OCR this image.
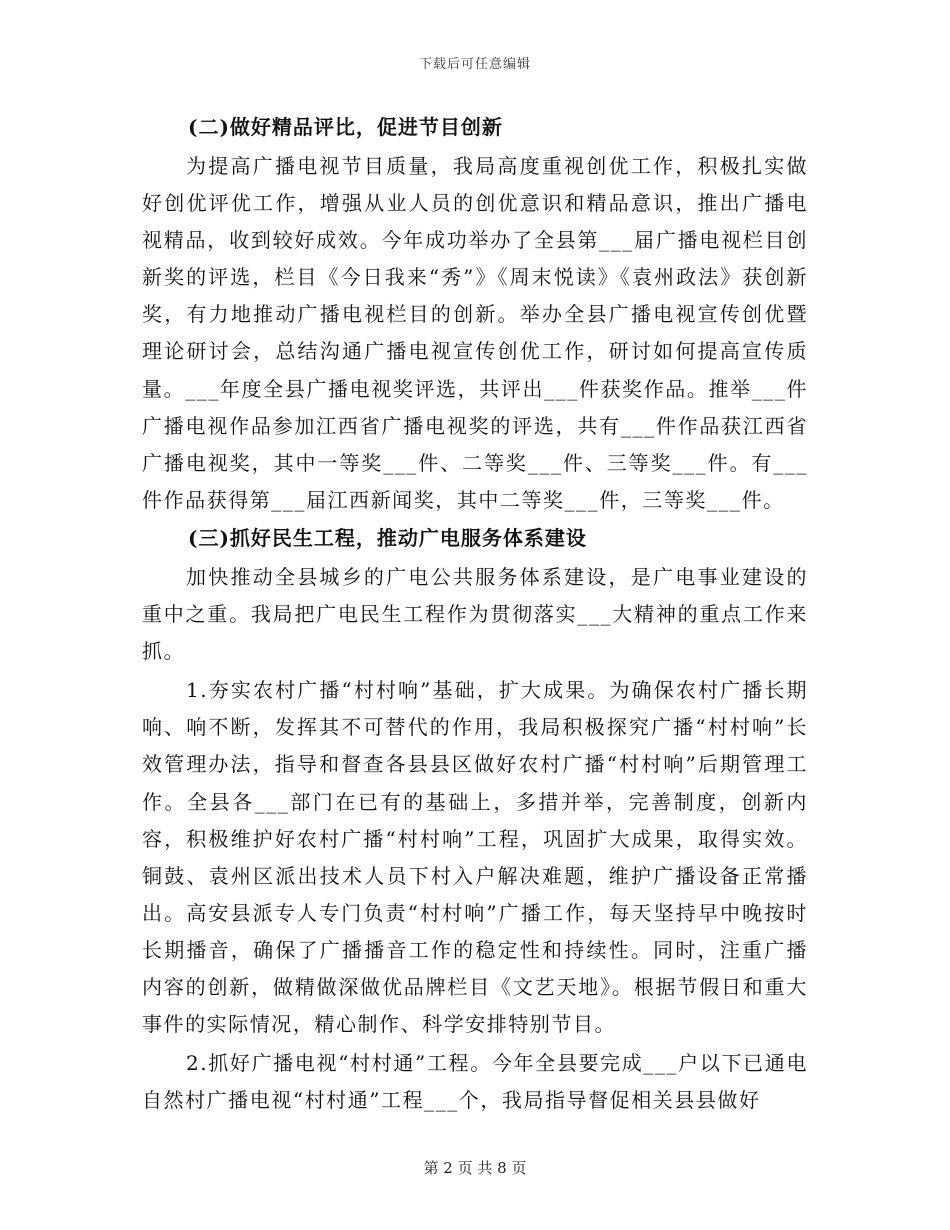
下载后可任意编辑
(二)做好精品评比，促进节目创新

为提高广播电视节目质量，我局高度重视创优工作，积极扎实做好创优评优工作，增强从业人员的创优意识和精品意识，推出广播电视精品，收到较好成效。今年成功举办了全县第___届广播电视栏目创新奖的评选，栏目《今日我来“秀”》《周末悦读》《袁州政法》获创新奖，有力地推动广播电视栏目的创新。举办全县广播电视宣传创优暨理论研讨会，总结沟通广播电视宣传创优工作，研讨如何提高宣传质量。___年度全县广播电视奖评选，共评出___件获奖作品。推举___件广播电视作品参加江西省广播电视奖的评选，共有___件作品获江西省广播电视奖，其中一等奖___件、二等奖___件、三等奖___件。有___件作品获得第___届江西新闻奖，其中二等奖___件，三等奖___件。

(三)抓好民生工程，推动广电服务体系建设

加快推动全县城乡的广电公共服务体系建设，是广电事业建设的重中之重。我局把广电民生工程作为贯彻落实___大精神的重点工作来抓。

1.夯实农村广播“村村响”基础，扩大成果。为确保农村广播长期响、响不断，发挥其不可替代的作用，我局积极探究广播“村村响”长效管理办法，指导和督查各县县区做好农村广播“村村响”后期管理工作。全县各___部门在已有的基础上，多措并举，完善制度，创新内容，积极维护好农村广播“村村响”工程，巩固扩大成果，取得实效。铜鼓、袁州区派出技术人员下村入户解决难题，维护广播设备正常播出。高安县派专人专门负责“村村响”广播工作，每天坚持早中晚按时长期播音，确保了广播播音工作的稳定性和持续性。同时，注重广播内容的创新，做精做深做优品牌栏目《文艺天地》。根据节假日和重大事件的实际情况，精心制作、科学安排特别节目。

2.抓好广播电视“村村通”工程。今年全县要完成___户以下已通电自然村广播电视“村村通”工程___个，我局指导督促相关县县做好

第 2 页 共 8 页
